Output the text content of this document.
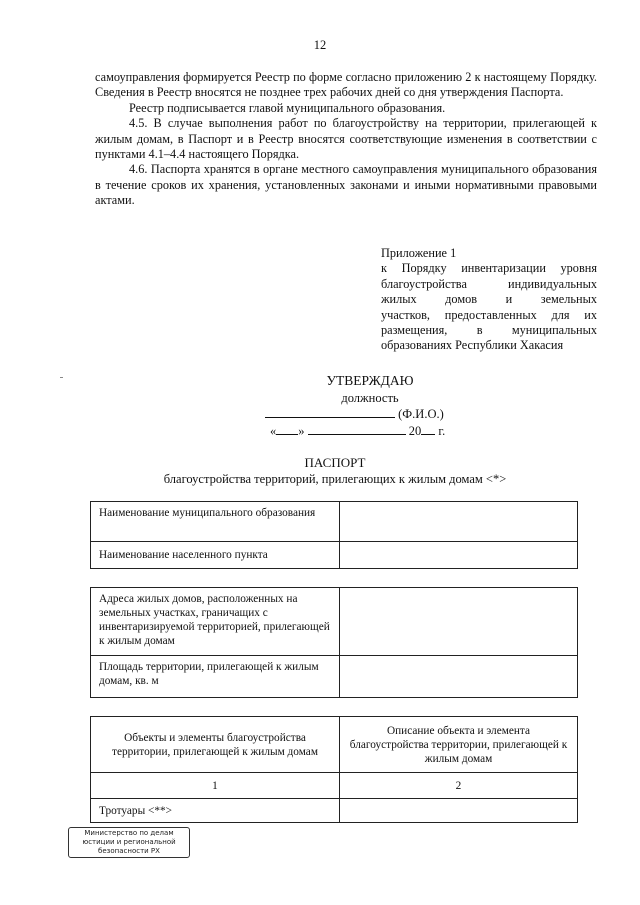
12

самоуправления формируется Реестр по форме согласно приложению 2 к настоящему Порядку. Сведения в Реестр вносятся не позднее трех рабочих дней со дня утверждения Паспорта.

Реестр подписывается главой муниципального образования.

4.5. В случае выполнения работ по благоустройству на территории, прилегающей к жилым домам, в Паспорт и в Реестр вносятся соответствующие изменения в соответствии с пунктами 4.1–4.4 настоящего Порядка.

4.6. Паспорта хранятся в органе местного самоуправления муниципального образования в течение сроков их хранения, установленных законами и иными нормативными правовыми актами.

Приложение 1
к Порядку инвентаризации уровня
благоустройства индивидуальных
жилых домов и земельных
участков, предоставленных для их
размещения, в муниципальных
образованиях Республики Хакасия
УТВЕРЖДАЮ
должность
(Ф.И.О.)
« »	20 г.
ПАСПОРТ
благоустройства территорий, прилегающих к жилым домам <*>
Наименование муниципального образования	
Наименование населенного пункта	
Адреса жилых домов, расположенных на земельных участках, граничащих с инвентаризируемой территорией, прилегающей к жилым домам	
Площадь территории, прилегающей к жилым домам, кв. м	
Объекты и элементы благоустройства территории, прилегающей к жилым домам	Описание объекта и элемента благоустройства территории, прилегающей к жилым домам
1	2
Тротуары <**>	
Министерство по делам
юстиции и региональной
безопасности РХ
